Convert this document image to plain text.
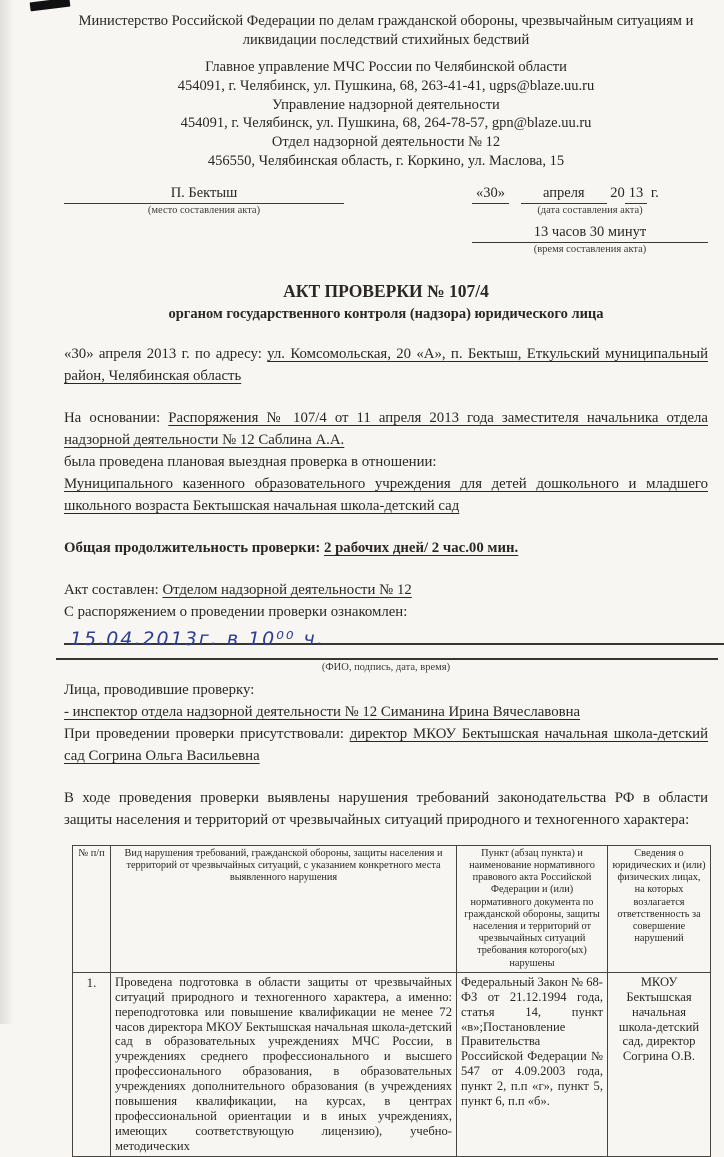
Министерство Российской Федерации по делам гражданской обороны, чрезвычайным ситуациям и ликвидации последствий стихийных бедствий
Главное управление МЧС России по Челябинской области
454091, г. Челябинск, ул. Пушкина, 68, 263-41-41, ugps@blaze.uu.ru
Управление надзорной деятельности
454091, г. Челябинск, ул. Пушкина, 68, 264-78-57, gpn@blaze.uu.ru
Отдел надзорной деятельности № 12
456550, Челябинская область, г. Коркино, ул. Маслова, 15
П. Бектыш
(место составления акта)
«30»	апреля 20 13 г.
(дата составления акта)
13 часов 30 минут
(время составления акта)
АКТ ПРОВЕРКИ № 107/4
органом государственного контроля (надзора) юридического лица
«30» апреля 2013 г. по адресу: ул. Комсомольская, 20 «А», п. Бектыш, Еткульский муниципальный район, Челябинская область
На основании: Распоряжения № 107/4 от 11 апреля 2013 года заместителя начальника отдела надзорной деятельности № 12 Саблина А.А.
была проведена плановая выездная проверка в отношении:
Муниципального казенного образовательного учреждения для детей дошкольного и младшего школьного возраста Бектышская начальная школа-детский сад
Общая продолжительность проверки: 2 рабочих дней/ 2 час.00 мин.
Акт составлен: Отделом надзорной деятельности № 12
С распоряжением о проведении проверки ознакомлен:
15.04.2013г. в 10⁰⁰ ч.
(ФИО, подпись, дата, время)
Лица, проводившие проверку:
- инспектор отдела надзорной деятельности № 12 Симанина Ирина Вячеславовна
При проведении проверки присутствовали: директор МКОУ Бектышская начальная школа-детский сад Согрина Ольга Васильевна
В ходе проведения проверки выявлены нарушения требований законодательства РФ в области защиты населения и территорий от чрезвычайных ситуаций природного и техногенного характера:
№ п/п	Вид нарушения требований, гражданской обороны, защиты населения и территорий от чрезвычайных ситуаций, с указанием конкретного места выявленного нарушения	Пункт (абзац пункта) и наименование нормативного правового акта Российской Федерации и (или) нормативного документа по гражданской обороны, защиты населения и территорий от чрезвычайных ситуаций требования которого(ых) нарушены	Сведения о юридических и (или) физических лицах, на которых возлагается ответственность за совершение нарушений
1.	Проведена подготовка в области защиты от чрезвычайных ситуаций природного и техногенного характера, а именно: переподготовка или повышение квалификации не менее 72 часов директора МКОУ Бектышская начальная школа-детский сад в образовательных учреждениях МЧС России, в учреждениях среднего профессионального и высшего профессионального образования, в образовательных учреждениях дополнительного образования (в учреждениях повышения квалификации, на курсах, в центрах профессиональной ориентации и в иных учреждениях, имеющих соответствующую лицензию), учебно-методических	Федеральный Закон № 68-ФЗ от 21.12.1994 года, статья 14, пункт «в»;Постановление Правительства Российской Федерации № 547 от 4.09.2003 года, пункт 2, п.п «г», пункт 5, пункт 6, п.п «б».	МКОУ Бектышская начальная школа-детский сад, директор Согрина О.В.
